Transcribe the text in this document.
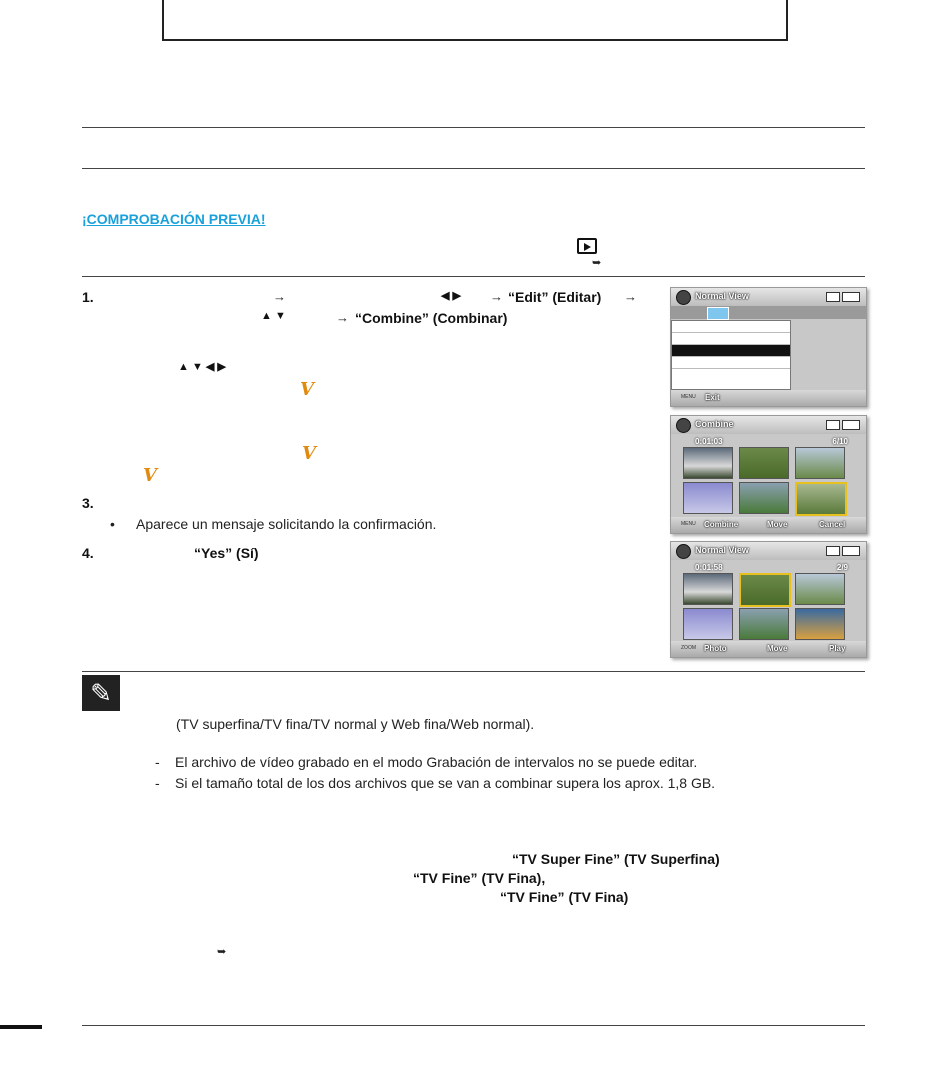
¡COMPROBACIÓN PREVIA!
➥
1.	→	◀ ▶ → “Edit” (Editar) →
▲ ▼	→ “Combine” (Combinar)
▲ ▼ ◀ ▶
V
V
V
3.
• Aparece un mensaje solicitando la confirmación.
4.	“Yes” (Sí)
Normal View
MENU Exit
Combine
0:01:03	6/10
MENU Combine	Move	Cancel
Normal View
0:01:58	2/9
ZOOM Photo	Move	Play
✎
(TV superfina/TV fina/TV normal y Web fina/Web normal).
- El archivo de vídeo grabado en el modo Grabación de intervalos no se puede editar.
- Si el tamaño total de los dos archivos que se van a combinar supera los aprox. 1,8 GB.
“TV Super Fine” (TV Superfina)
“TV Fine” (TV Fina),
“TV Fine” (TV Fina)
➥
